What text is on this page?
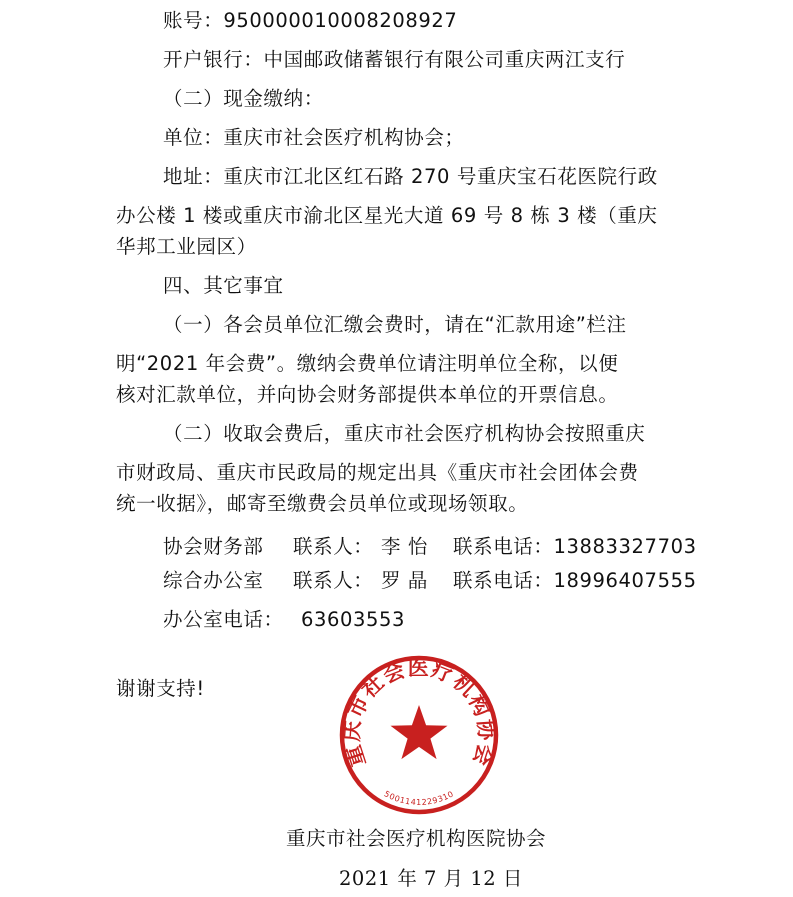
账号：950000010008208927
开户银行：中国邮政储蓄银行有限公司重庆两江支行
（二）现金缴纳：
单位：重庆市社会医疗机构协会；
地址：重庆市江北区红石路 270 号重庆宝石花医院行政
办公楼 1 楼或重庆市渝北区星光大道 69 号 8 栋 3 楼（重庆
华邦工业园区）
四、其它事宜
（一）各会员单位汇缴会费时，请在“汇款用途”栏注
明“2021 年会费”。缴纳会费单位请注明单位全称，以便
核对汇款单位，并向协会财务部提供本单位的开票信息。
（二）收取会费后，重庆市社会医疗机构协会按照重庆
市财政局、重庆市民政局的规定出具《重庆市社会团体会费
统一收据》，邮寄至缴费会员单位或现场领取。
协会财务部 联系人： 李 怡 联系电话：13883327703
综合办公室 联系人： 罗 晶 联系电话：18996407555
办公室电话： 63603553
谢谢支持!
重庆市社会医疗机构协会
5001141229310
重庆市社会医疗机构医院协会
2021 年 7 月 12 日
